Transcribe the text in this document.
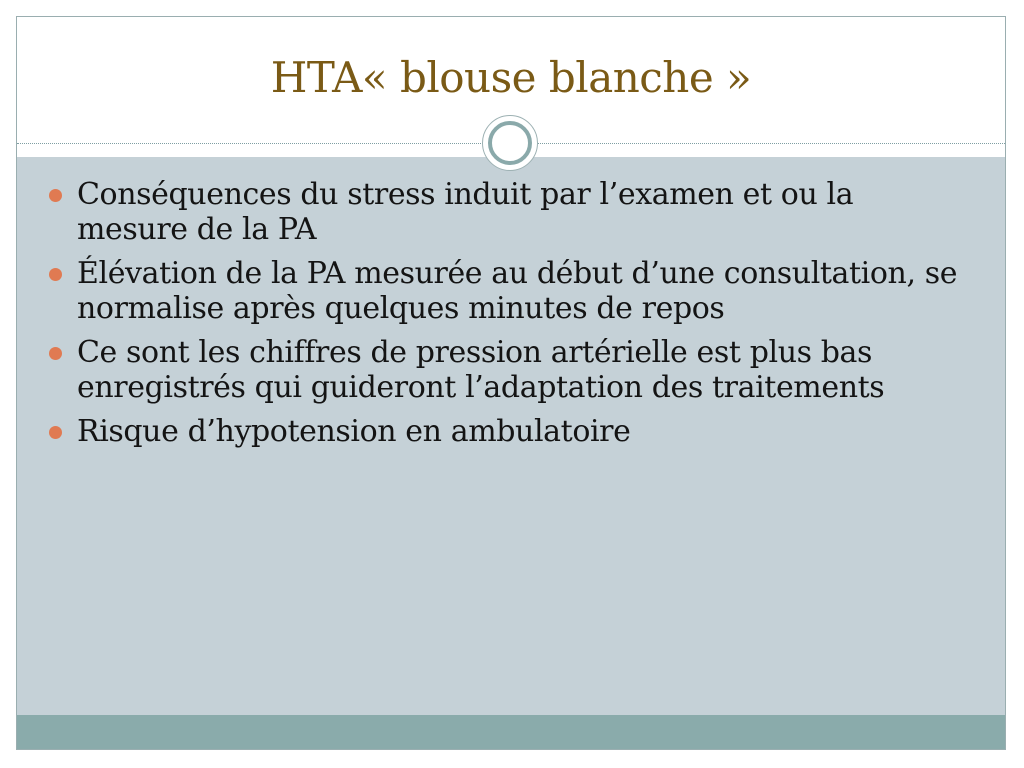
HTA« blouse blanche »
Conséquences du stress induit par l’examen et ou la mesure de la PA
Élévation de la PA mesurée au début d’une consultation, se normalise après quelques minutes de repos
Ce sont les chiffres de pression artérielle est plus bas enregistrés qui guideront l’adaptation des traitements
Risque d’hypotension en ambulatoire
